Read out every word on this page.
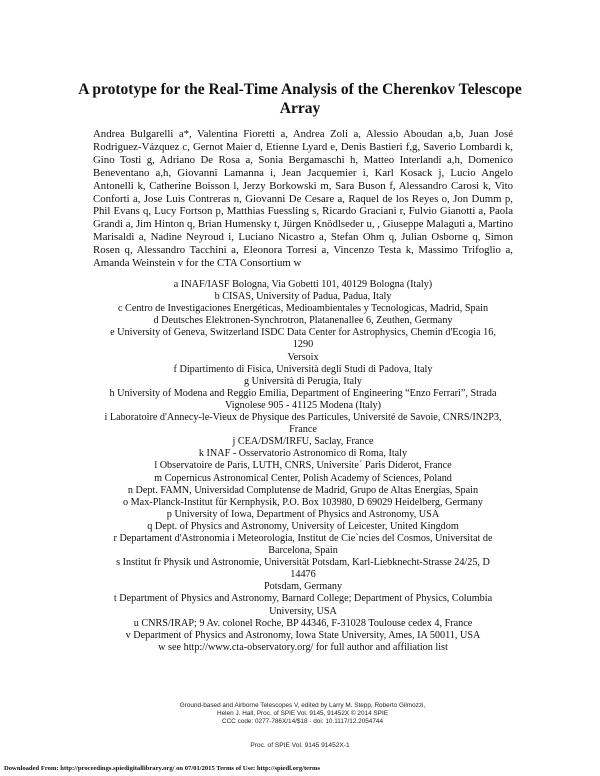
A prototype for the Real-Time Analysis of the Cherenkov Telescope Array
Andrea Bulgarelli a*, Valentina Fioretti a, Andrea Zoli a, Alessio Aboudan a,b, Juan José Rodriguez-Vázquez c, Gernot Maier d, Etienne Lyard e, Denis Bastieri f,g, Saverio Lombardi k, Gino Tosti g, Adriano De Rosa a, Sonia Bergamaschi h, Matteo Interlandi a,h, Domenico Beneventano a,h, Giovanni Lamanna i, Jean Jacquemier i, Karl Kosack j, Lucio Angelo Antonelli k, Catherine Boisson l, Jerzy Borkowski m, Sara Buson f, Alessandro Carosi k, Vito Conforti a, Jose Luis Contreras n, Giovanni De Cesare a, Raquel de los Reyes o, Jon Dumm p, Phil Evans q, Lucy Fortson p, Matthias Fuessling s, Ricardo Graciani r, Fulvio Gianotti a, Paola Grandi a, Jim Hinton q, Brian Humensky t, Jürgen Knödlseder u, , Giuseppe Malaguti a, Martino Marisaldi a, Nadine Neyroud i, Luciano Nicastro a, Stefan Ohm q, Julian Osborne q, Simon Rosen q, Alessandro Tacchini a, Eleonora Torresi a, Vincenzo Testa k, Massimo Trifoglio a, Amanda Weinstein v for the CTA Consortium w

a INAF/IASF Bologna, Via Gobetti 101, 40129 Bologna (Italy)

b CISAS, University of Padua, Padua, Italy

c Centro de Investigaciones Energéticas, Medioambientales y Tecnologicas, Madrid, Spain

d Deutsches Elektronen-Synchrotron, Platanenallee 6, Zeuthen, Germany

e University of Geneva, Switzerland ISDC Data Center for Astrophysics, Chemin d'Ecogia 16, 1290

Versoix

f Dipartimento di Fisica, Università degli Studi di Padova, Italy

g Università di Perugia, Italy

h University of Modena and Reggio Emilia, Department of Engineering “Enzo Ferrari”, Strada

Vignolese 905 - 41125 Modena (Italy)

i Laboratoire d'Annecy-le-Vieux de Physique des Particules, Université de Savoie, CNRS/IN2P3,

France

j CEA/DSM/IRFU, Saclay, France

k INAF - Osservatorio Astronomico di Roma, Italy

l Observatoire de Paris, LUTH, CNRS, Universite´ Paris Diderot, France

m Copernicus Astronomical Center, Polish Academy of Sciences, Poland

n Dept. FAMN, Universidad Complutense de Madrid, Grupo de Altas Energías, Spain

o Max-Planck-Institut für Kernphysik, P.O. Box 103980, D 69029 Heidelberg, Germany

p University of Iowa, Department of Physics and Astronomy, USA

q Dept. of Physics and Astronomy, University of Leicester, United Kingdom

r Departament d'Astronomia i Meteorologia, Institut de Cie`ncies del Cosmos, Universitat de

Barcelona, Spain

s Institut fr Physik und Astronomie, Universität Potsdam, Karl-Liebknecht-Strasse 24/25, D 14476

Potsdam, Germany

t Department of Physics and Astronomy, Barnard College; Department of Physics, Columbia

University, USA

u CNRS/IRAP; 9 Av. colonel Roche, BP 44346, F-31028 Toulouse cedex 4, France

v Department of Physics and Astronomy, Iowa State University, Ames, IA 50011, USA

w see http://www.cta-observatory.org/ for full author and affiliation list

Ground-based and Airborne Telescopes V, edited by Larry M. Stepp, Roberto Gilmozzi,
Helen J. Hall, Proc. of SPIE Vol. 9145, 91452X © 2014 SPIE
CCC code: 0277-786X/14/$18 · doi: 10.1117/12.2054744
Proc. of SPIE Vol. 9145 91452X-1
Downloaded From: http://proceedings.spiedigitallibrary.org/ on 07/01/2015 Terms of Use: http://spiedl.org/terms
